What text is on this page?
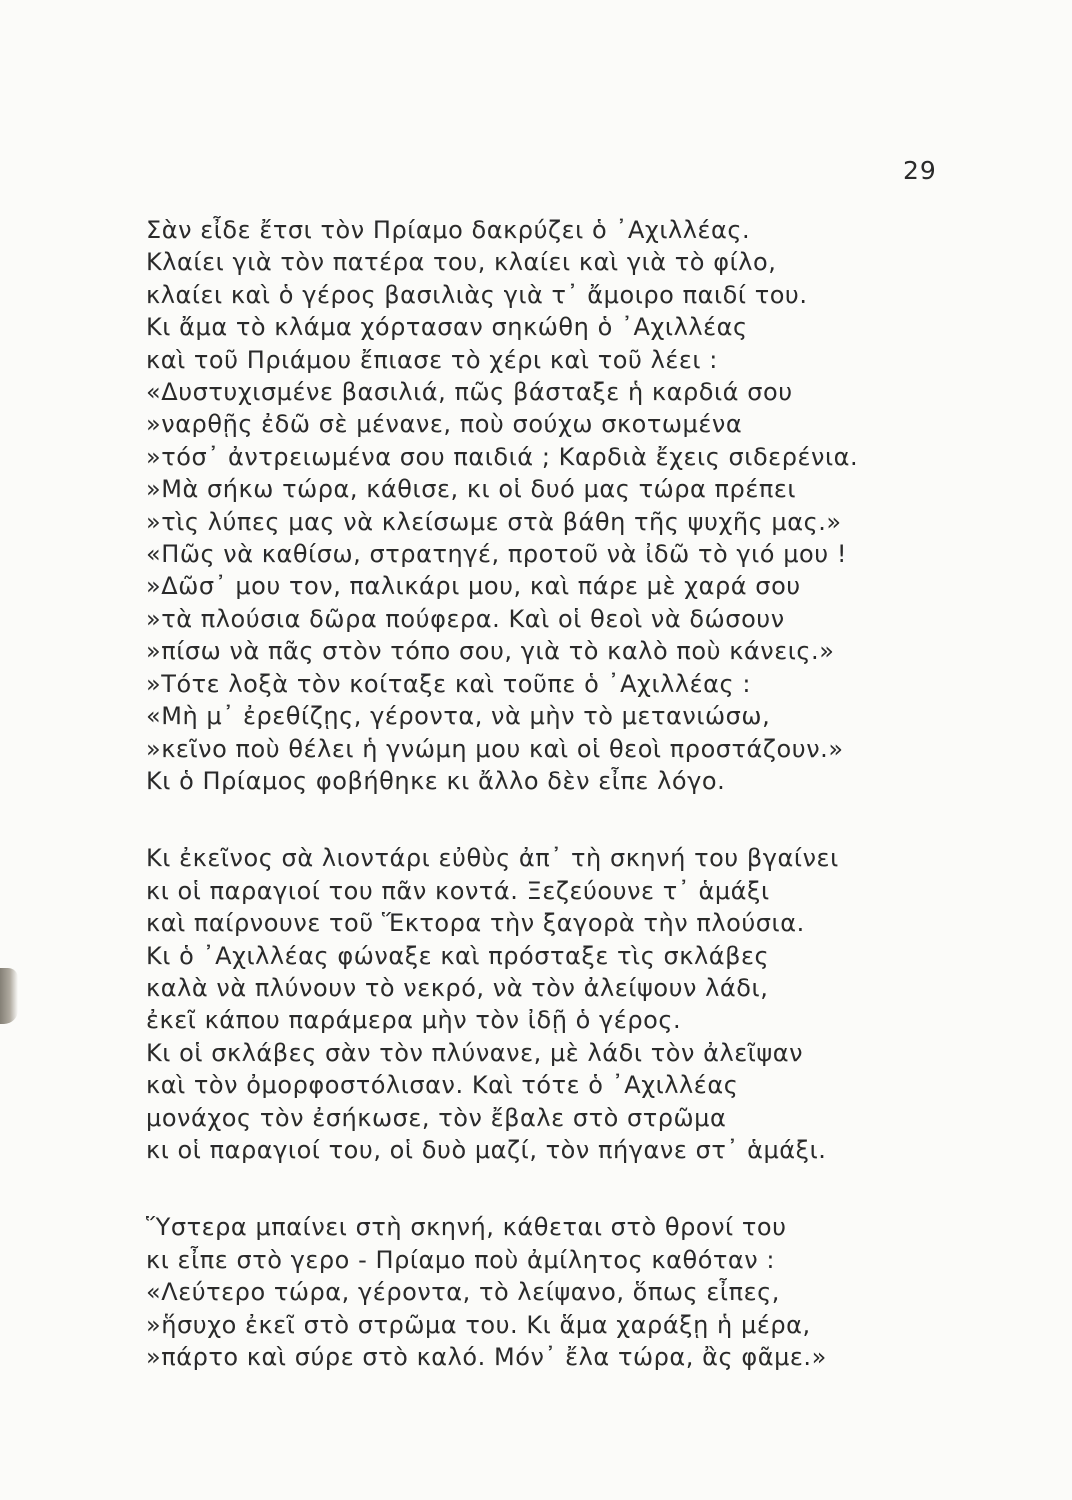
29
Σὰν εἶδε ἔτσι τὸν Πρίαμο δακρύζει ὁ ᾿Αχιλλέας.
Κλαίει γιὰ τὸν πατέρα του, κλαίει καὶ γιὰ τὸ φίλο,
κλαίει καὶ ὁ γέρος βασιλιὰς γιὰ τ᾿ ἄμοιρο παιδί του.
Κι ἄμα τὸ κλάμα χόρτασαν σηκώθη ὁ ᾿Αχιλλέας
καὶ τοῦ Πριάμου ἔπιασε τὸ χέρι καὶ τοῦ λέει :
«Δυστυχισμένε βασιλιά, πῶς βάσταξε ἡ καρδιά σου
»ναρθῇς ἐδῶ σὲ μένανε, ποὺ σούχω σκοτωμένα
»τόσ᾿ ἀντρειωμένα σου παιδιά ; Καρδιὰ ἔχεις σιδερένια.
»Μὰ σήκω τώρα, κάθισε, κι οἱ δυό μας τώρα πρέπει
»τὶς λύπες μας νὰ κλείσωμε στὰ βάθη τῆς ψυχῆς μας.»
«Πῶς νὰ καθίσω, στρατηγέ, προτοῦ νὰ ἰδῶ τὸ γιό μου !
»Δῶσ᾿ μου τον, παλικάρι μου, καὶ πάρε μὲ χαρά σου
»τὰ πλούσια δῶρα πούφερα. Καὶ οἱ θεοὶ νὰ δώσουν
»πίσω νὰ πᾶς στὸν τόπο σου, γιὰ τὸ καλὸ ποὺ κάνεις.»
»Τότε λοξὰ τὸν κοίταξε καὶ τοῦπε ὁ ᾿Αχιλλέας :
«Μὴ μ᾿ ἐρεθίζῃς, γέροντα, νὰ μὴν τὸ μετανιώσω,
»κεῖνο ποὺ θέλει ἡ γνώμη μου καὶ οἱ θεοὶ προστάζουν.»
Κι ὁ Πρίαμος φοβήθηκε κι ἄλλο δὲν εἶπε λόγο.
Κι ἐκεῖνος σὰ λιοντάρι εὐθὺς ἀπ᾿ τὴ σκηνή του βγαίνει
κι οἱ παραγιοί του πᾶν κοντά. Ξεζεύουνε τ᾿ ἁμάξι
καὶ παίρνουνε τοῦ Ἕκτορα τὴν ξαγορὰ τὴν πλούσια.
Κι ὁ ᾿Αχιλλέας φώναξε καὶ πρόσταξε τὶς σκλάβες
καλὰ νὰ πλύνουν τὸ νεκρό, νὰ τὸν ἀλείψουν λάδι,
ἐκεῖ κάπου παράμερα μὴν τὸν ἰδῇ ὁ γέρος.
Κι οἱ σκλάβες σὰν τὸν πλύνανε, μὲ λάδι τὸν ἀλεῖψαν
καὶ τὸν ὀμορφοστόλισαν. Καὶ τότε ὁ ᾿Αχιλλέας
μονάχος τὸν ἐσήκωσε, τὸν ἔβαλε στὸ στρῶμα
κι οἱ παραγιοί του, οἱ δυὸ μαζί, τὸν πήγανε στ᾿ ἁμάξι.
Ὕστερα μπαίνει στὴ σκηνή, κάθεται στὸ θρονί του
κι εἶπε στὸ γερο - Πρίαμο ποὺ ἀμίλητος καθόταν :
«Λεύτερο τώρα, γέροντα, τὸ λείψανο, ὅπως εἶπες,
»ἥσυχο ἐκεῖ στὸ στρῶμα του. Κι ἅμα χαράξῃ ἡ μέρα,
»πάρτο καὶ σύρε στὸ καλό. Μόν᾿ ἔλα τώρα, ἂς φᾶμε.»
